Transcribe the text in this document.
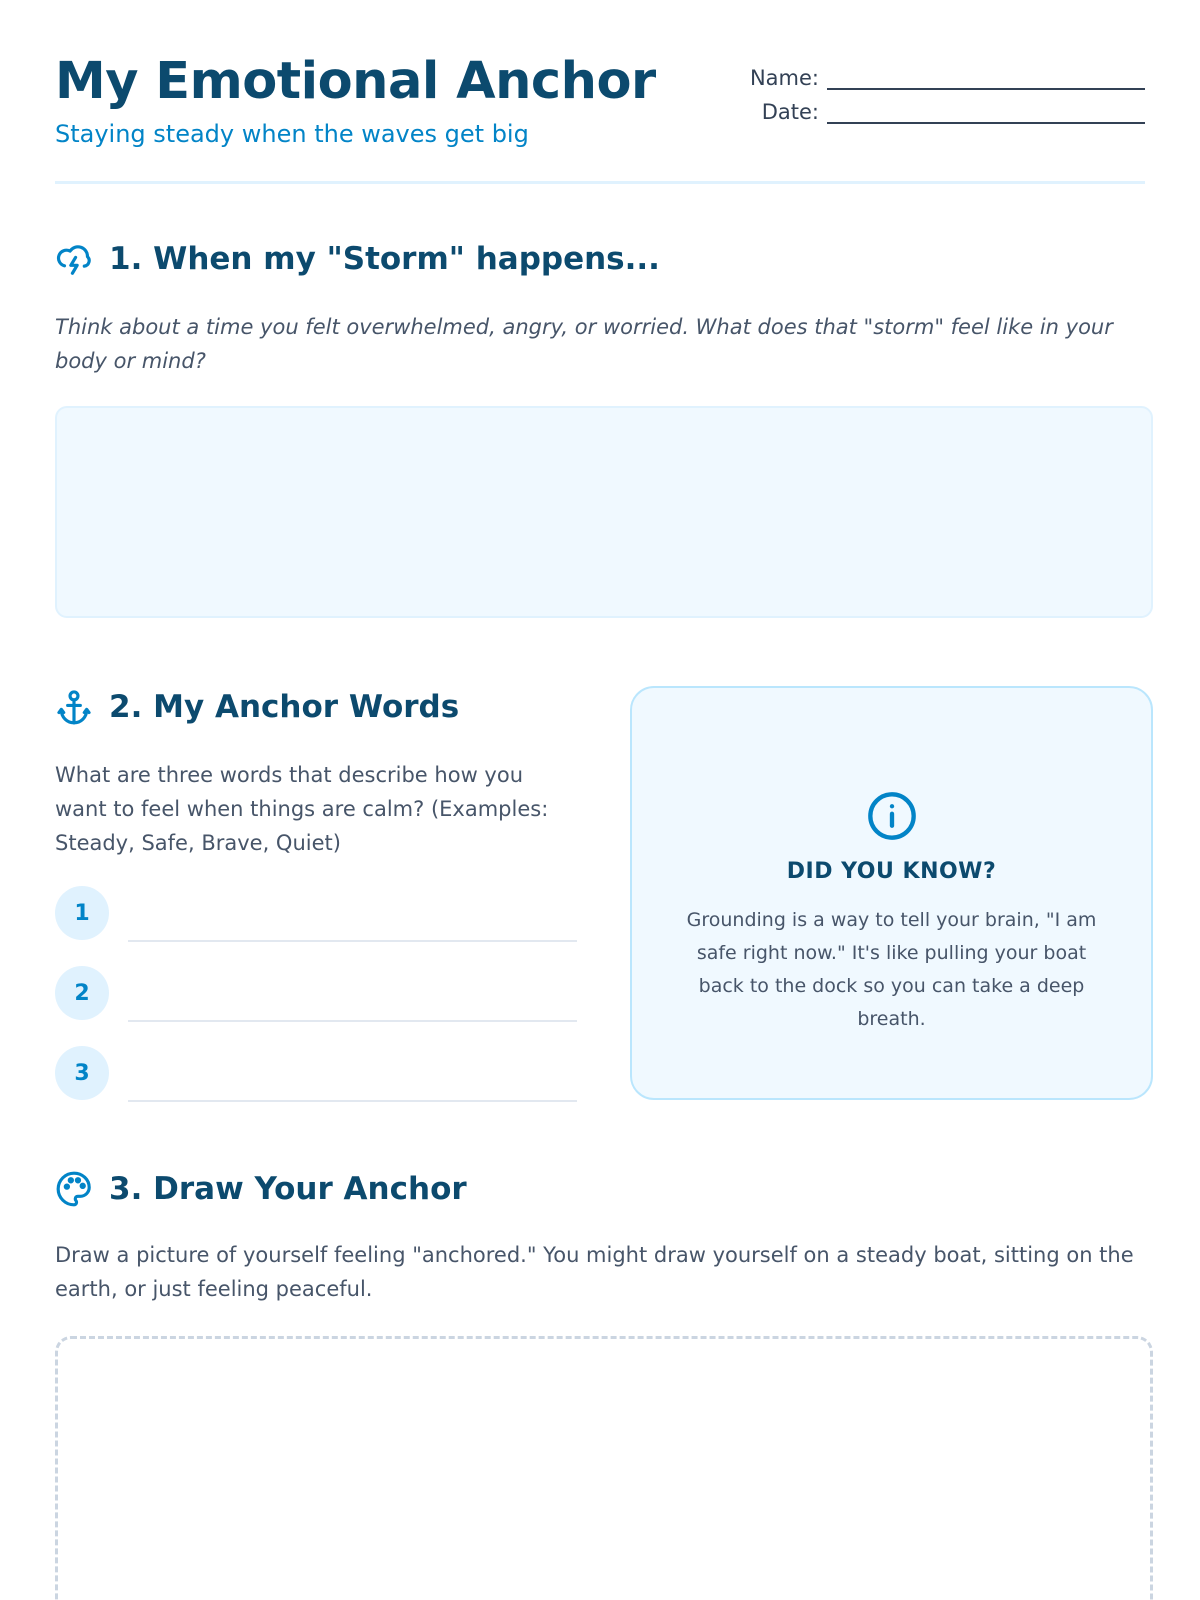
My Emotional Anchor
Staying steady when the waves get big
Name:
Date:
1. When my "Storm" happens...
Think about a time you felt overwhelmed, angry, or worried. What does that "storm" feel like in your body or mind?
2. My Anchor Words
What are three words that describe how you want to feel when things are calm? (Examples: Steady, Safe, Brave, Quiet)
1
2
3
DID YOU KNOW?
Grounding is a way to tell your brain, "I am safe right now." It's like pulling your boat back to the dock so you can take a deep breath.
3. Draw Your Anchor
Draw a picture of yourself feeling "anchored." You might draw yourself on a steady boat, sitting on the earth, or just feeling peaceful.
